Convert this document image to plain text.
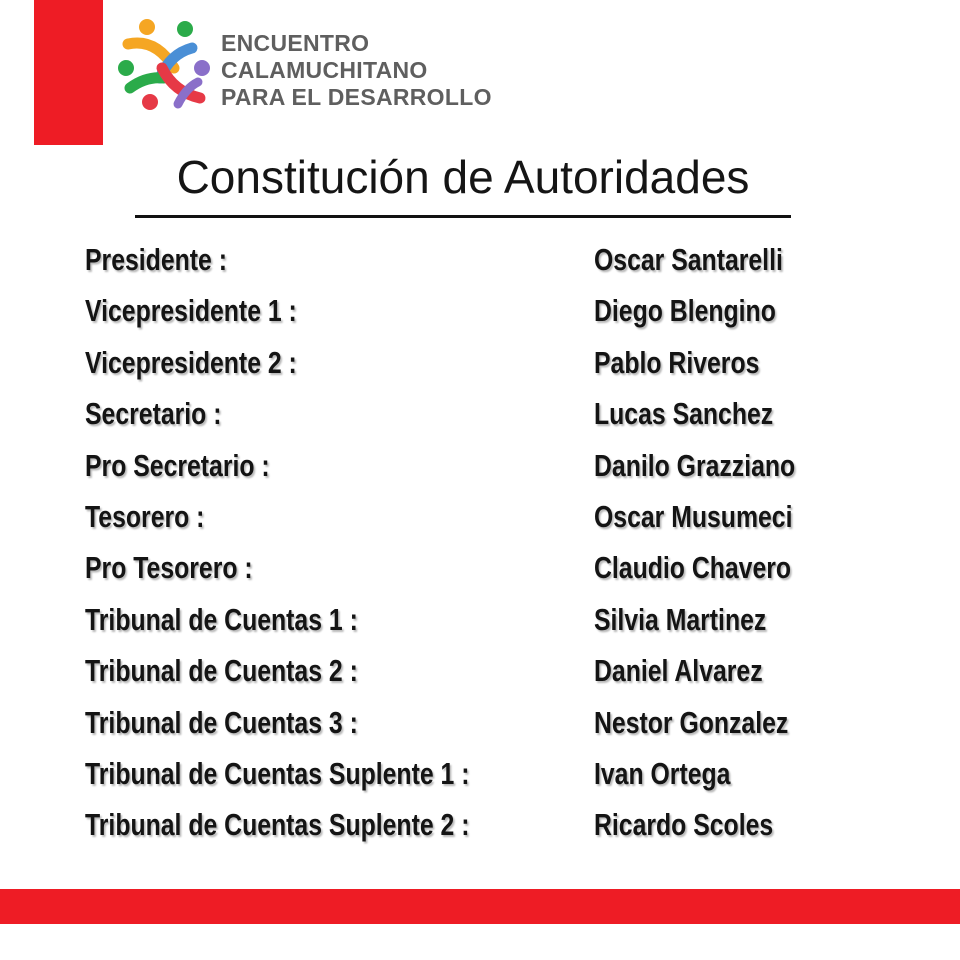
ENCUENTRO
CALAMUCHITANO
PARA EL DESARROLLO
Constitución de Autoridades
Presidente :	Oscar Santarelli
Vicepresidente 1 :	Diego Blengino
Vicepresidente 2 :	Pablo Riveros
Secretario :	Lucas Sanchez
Pro Secretario :	Danilo Grazziano
Tesorero :	Oscar Musumeci
Pro Tesorero :	Claudio Chavero
Tribunal de Cuentas 1 :	Silvia Martinez
Tribunal de Cuentas 2 :	Daniel Alvarez
Tribunal de Cuentas 3 :	Nestor Gonzalez
Tribunal de Cuentas Suplente 1 :	Ivan Ortega
Tribunal de Cuentas Suplente 2 :	Ricardo Scoles
